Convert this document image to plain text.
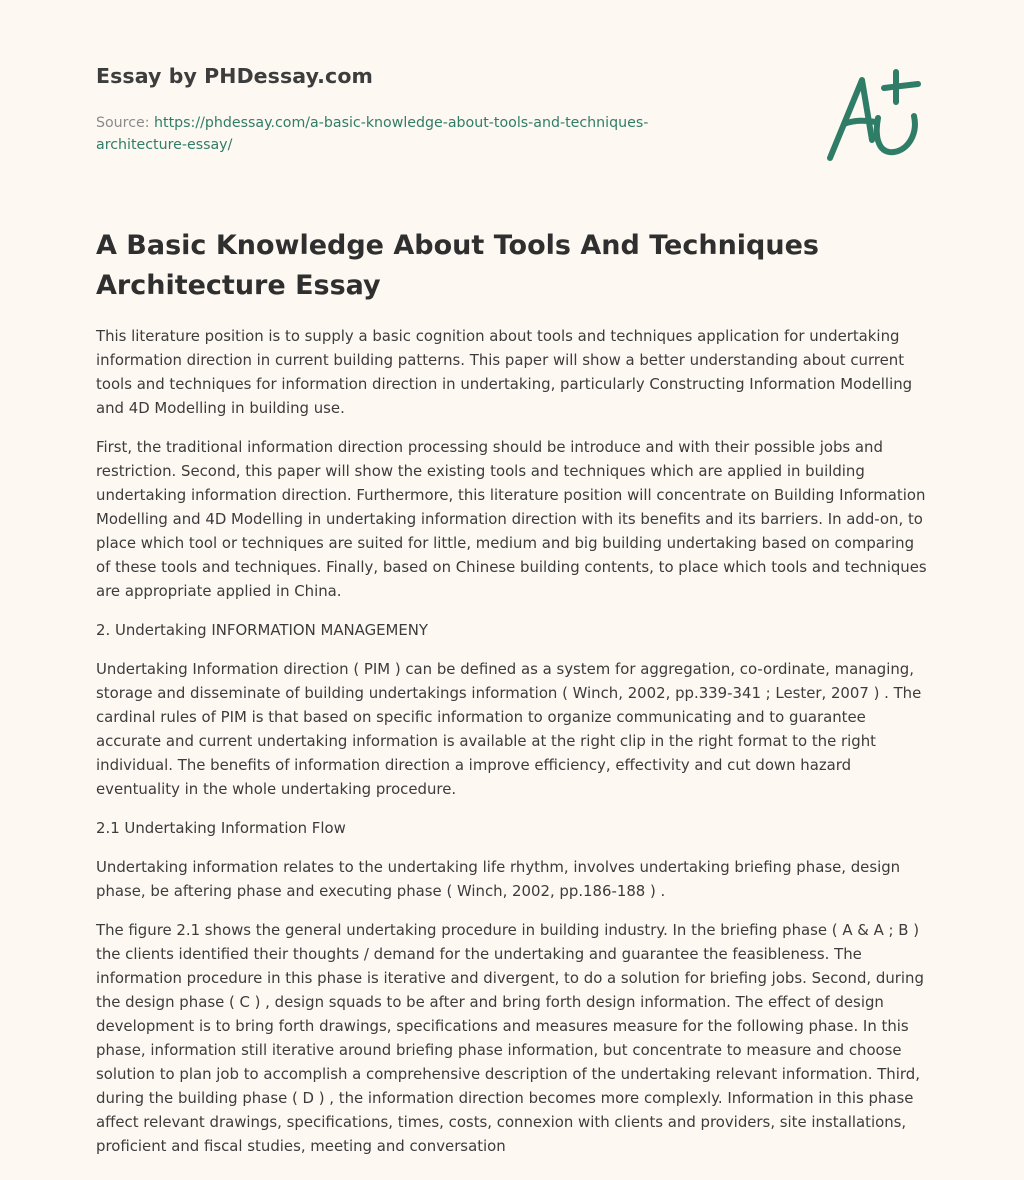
Essay by PHDessay.com
Source: https://phdessay.com/a-basic-knowledge-about-tools-and-techniques-architecture-essay/
A Basic Knowledge About Tools And Techniques Architecture Essay

This literature position is to supply a basic cognition about tools and techniques application for undertaking information direction in current building patterns. This paper will show a better understanding about current tools and techniques for information direction in undertaking, particularly Constructing Information Modelling and 4D Modelling in building use.

First, the traditional information direction processing should be introduce and with their possible jobs and restriction. Second, this paper will show the existing tools and techniques which are applied in building undertaking information direction. Furthermore, this literature position will concentrate on Building Information Modelling and 4D Modelling in undertaking information direction with its benefits and its barriers. In add-on, to place which tool or techniques are suited for little, medium and big building undertaking based on comparing of these tools and techniques. Finally, based on Chinese building contents, to place which tools and techniques are appropriate applied in China.

2. Undertaking INFORMATION MANAGEMENY

Undertaking Information direction ( PIM ) can be defined as a system for aggregation, co-ordinate, managing, storage and disseminate of building undertakings information ( Winch, 2002, pp.339-341 ; Lester, 2007 ) . The cardinal rules of PIM is that based on specific information to organize communicating and to guarantee accurate and current undertaking information is available at the right clip in the right format to the right individual. The benefits of information direction a improve efficiency, effectivity and cut down hazard eventuality in the whole undertaking procedure.

2.1 Undertaking Information Flow

Undertaking information relates to the undertaking life rhythm, involves undertaking briefing phase, design phase, be aftering phase and executing phase ( Winch, 2002, pp.186-188 ) .

The figure 2.1 shows the general undertaking procedure in building industry. In the briefing phase ( A & A ; B ) the clients identified their thoughts / demand for the undertaking and guarantee the feasibleness. The information procedure in this phase is iterative and divergent, to do a solution for briefing jobs. Second, during the design phase ( C ) , design squads to be after and bring forth design information. The effect of design development is to bring forth drawings, specifications and measures measure for the following phase. In this phase, information still iterative around briefing phase information, but concentrate to measure and choose solution to plan job to accomplish a comprehensive description of the undertaking relevant information. Third, during the building phase ( D ) , the information direction becomes more complexly. Information in this phase affect relevant drawings, specifications, times, costs, connexion with clients and providers, site installations, proficient and fiscal studies, meeting and conversation
